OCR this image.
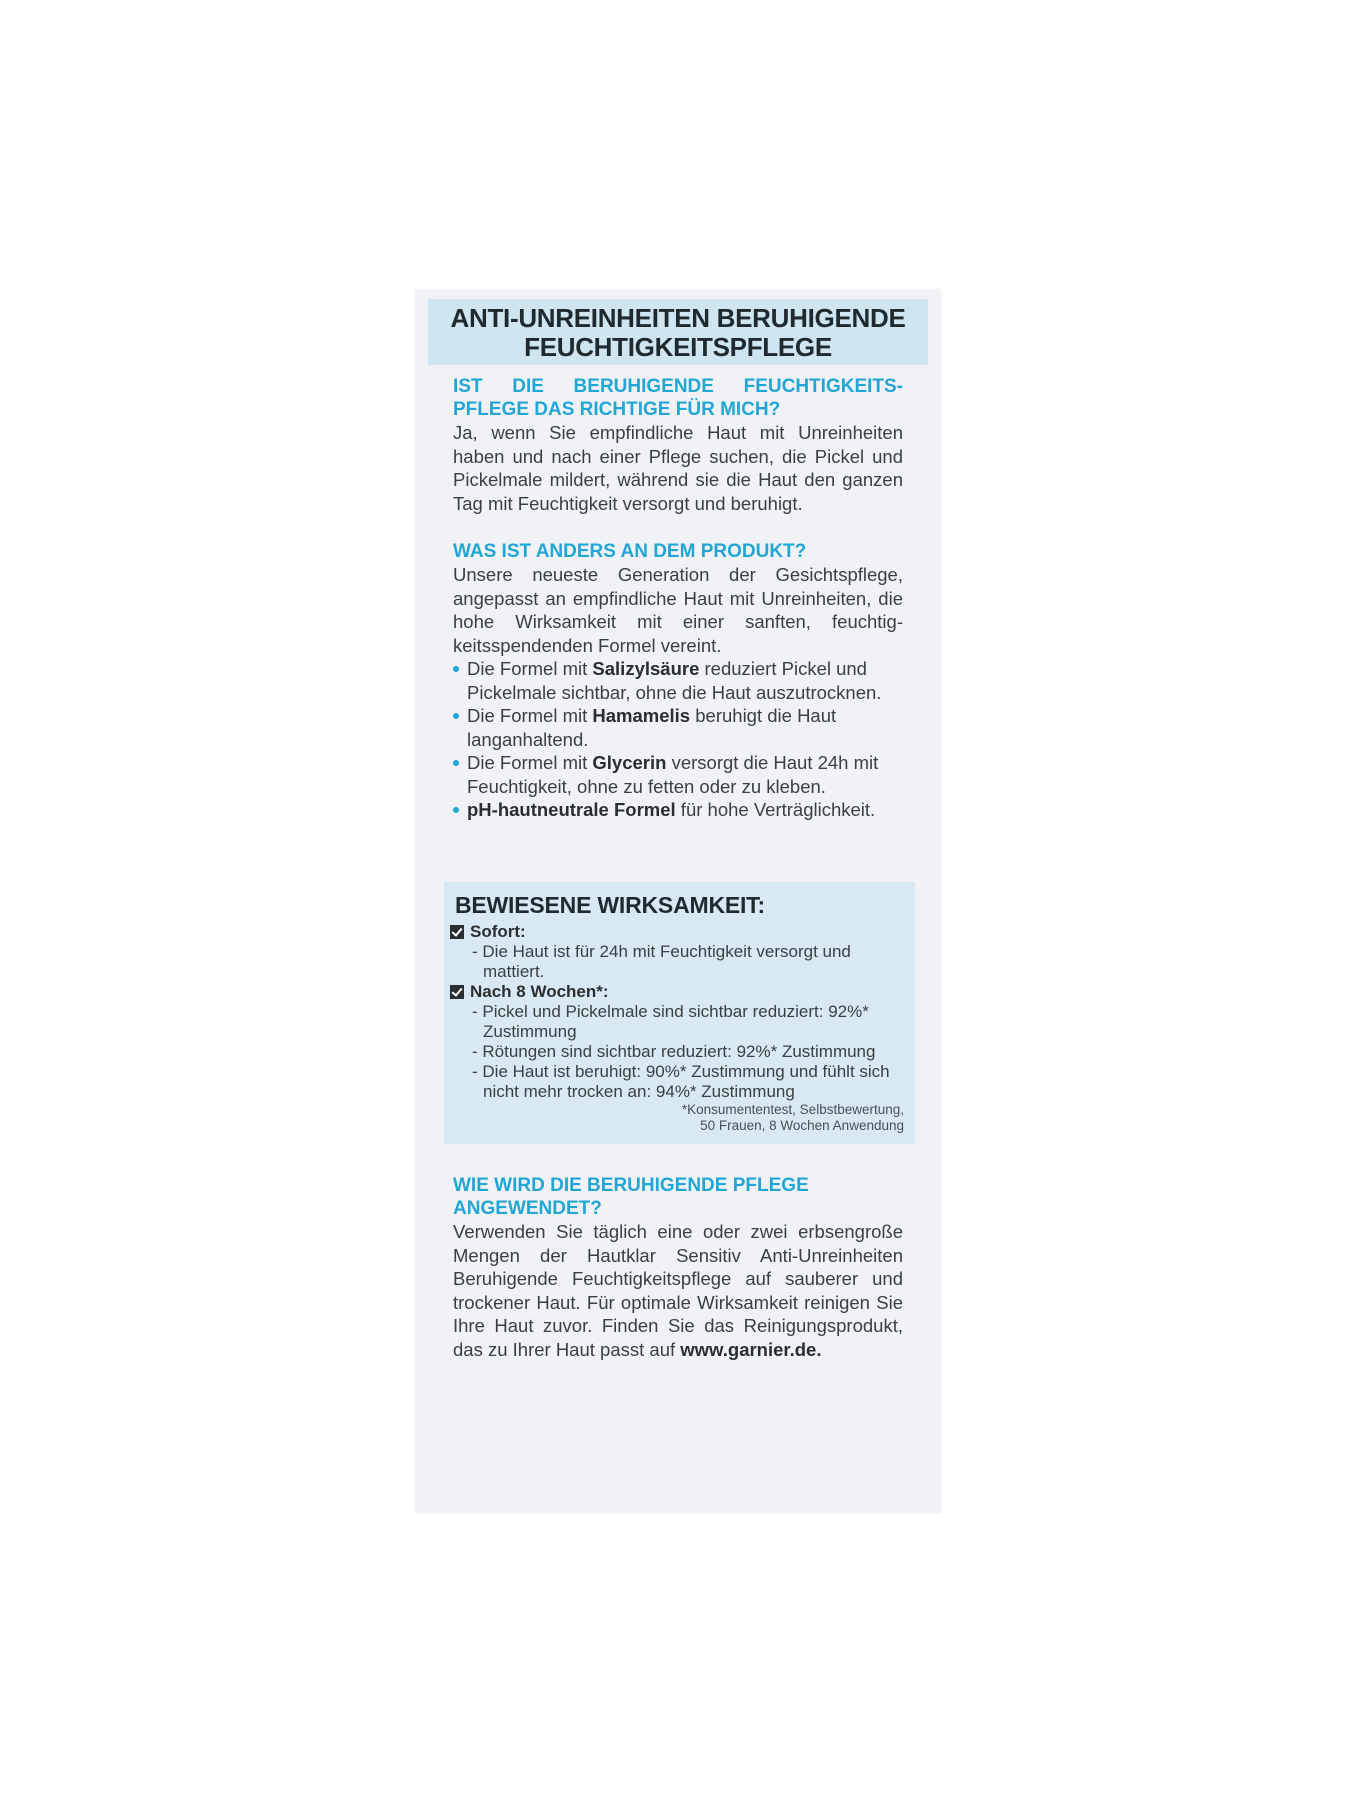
ANTI-UNREINHEITEN BERUHIGENDE
FEUCHTIGKEITSPFLEGE
IST DIE BERUHIGENDE FEUCHTIGKEITS-
PFLEGE DAS RICHTIGE FÜR MICH?

Ja, wenn Sie empfindliche Haut mit Unreinheiten haben und nach einer Pflege suchen, die Pickel und Pickelmale mildert, während sie die Haut den ganzen Tag mit Feuchtigkeit versorgt und beruhigt.

WAS IST ANDERS AN DEM PRODUKT?

Unsere neueste Generation der Gesichtspflege, angepasst an empfindliche Haut mit Unreinheiten, die hohe Wirksamkeit mit einer sanften, feuchtigkeitsspendenden Formel vereint.

Die Formel mit Salizylsäure reduziert Pickel und Pickelmale sichtbar, ohne die Haut auszutrocknen.
Die Formel mit Hamamelis beruhigt die Haut langanhaltend.
Die Formel mit Glycerin versorgt die Haut 24h mit Feuchtigkeit, ohne zu fetten oder zu kleben.
pH-hautneutrale Formel für hohe Verträglichkeit.
BEWIESENE WIRKSAMKEIT:
Sofort:
- Die Haut ist für 24h mit Feuchtigkeit versorgt und mattiert.
Nach 8 Wochen*:
- Pickel und Pickelmale sind sichtbar reduziert: 92%* Zustimmung
- Rötungen sind sichtbar reduziert: 92%* Zustimmung
- Die Haut ist beruhigt: 90%* Zustimmung und fühlt sich nicht mehr trocken an: 94%* Zustimmung
*Konsumententest, Selbstbewertung,
50 Frauen, 8 Wochen Anwendung
WIE WIRD DIE BERUHIGENDE PFLEGE ANGEWENDET?

Verwenden Sie täglich eine oder zwei erbsengroße Mengen der Hautklar Sensitiv Anti-Unreinheiten Beruhigende Feuchtigkeitspflege auf sauberer und trockener Haut. Für optimale Wirksamkeit reinigen Sie Ihre Haut zuvor. Finden Sie das Reinigungsprodukt, das zu Ihrer Haut passt auf www.garnier.de.
